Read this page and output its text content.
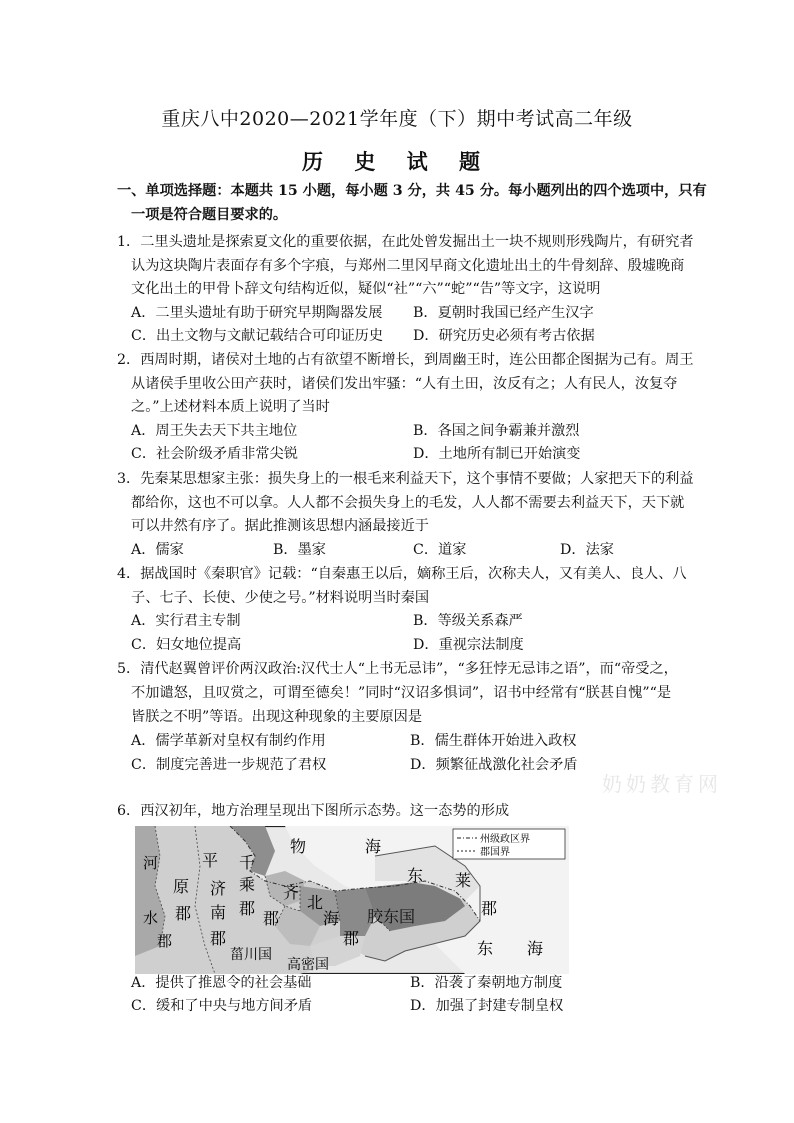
重庆八中2020—2021学年度（下）期中考试高二年级
历 史 试 题
一、单项选择题：本题共 15 小题，每小题 3 分，共 45 分。每小题列出的四个选项中，只有
一项是符合题目要求的。
1．二里头遗址是探索夏文化的重要依据，在此处曾发掘出土一块不规则形残陶片，有研究者
认为这块陶片表面存有多个字痕，与郑州二里冈早商文化遗址出土的牛骨刻辞、殷墟晚商
文化出土的甲骨卜辞文句结构近似，疑似“社”“六”“蛇”“告”等文字，这说明
A．二里头遗址有助于研究早期陶器发展 B．夏朝时我国已经产生汉字
C．出土文物与文献记载结合可印证历史 D．研究历史必须有考古依据
2．西周时期，诸侯对土地的占有欲望不断增长，到周幽王时，连公田都企图据为己有。周王
从诸侯手里收公田产获时，诸侯们发出牢骚：“人有土田，汝反有之；人有民人，汝复夺
之。”上述材料本质上说明了当时
A．周王失去天下共主地位	B．各国之间争霸兼并激烈
C．社会阶级矛盾非常尖锐	D．土地所有制已开始演变
3．先秦某思想家主张：损失身上的一根毛来利益天下，这个事情不要做；人家把天下的利益
都给你，这也不可以拿。人人都不会损失身上的毛发，人人都不需要去利益天下，天下就
可以井然有序了。据此推测该思想内涵最接近于
A．儒家	B．墨家	C．道家	D．法家
4．据战国时《秦职官》记载：“自秦惠王以后，嫡称王后，次称夫人，又有美人、良人、八
子、七子、长使、少使之号。”材料说明当时秦国
A．实行君主专制	B．等级关系森严
C．妇女地位提高	D．重视宗法制度
5．清代赵翼曾评价两汉政治:汉代士人“上书无忌讳”，“多狂悖无忌讳之语”，而“帝受之，
不加谴怒，且叹赏之，可谓至德矣！”同时“汉诏多惧词”，诏书中经常有“朕甚自愧”“是
皆朕之不明”等语。出现这种现象的主要原因是
A．儒学革新对皇权有制约作用	B．儒生群体开始进入政权
C．制度完善进一步规范了君权	D．频繁征战激化社会矛盾
奶奶教育网
6．西汉初年，地方治理呈现出下图所示态势。这一态势的形成
州级政区界
郡国界
河
水
郡
平
原
郡
济
南
郡
千
乘
郡
齐
郡
北
海
郡
胶东国
菑川国
高密国
物	海
东 莱
郡
东 海
A．提供了推恩令的社会基础	B．沿袭了秦朝地方制度
C．缓和了中央与地方间矛盾	D．加强了封建专制皇权
